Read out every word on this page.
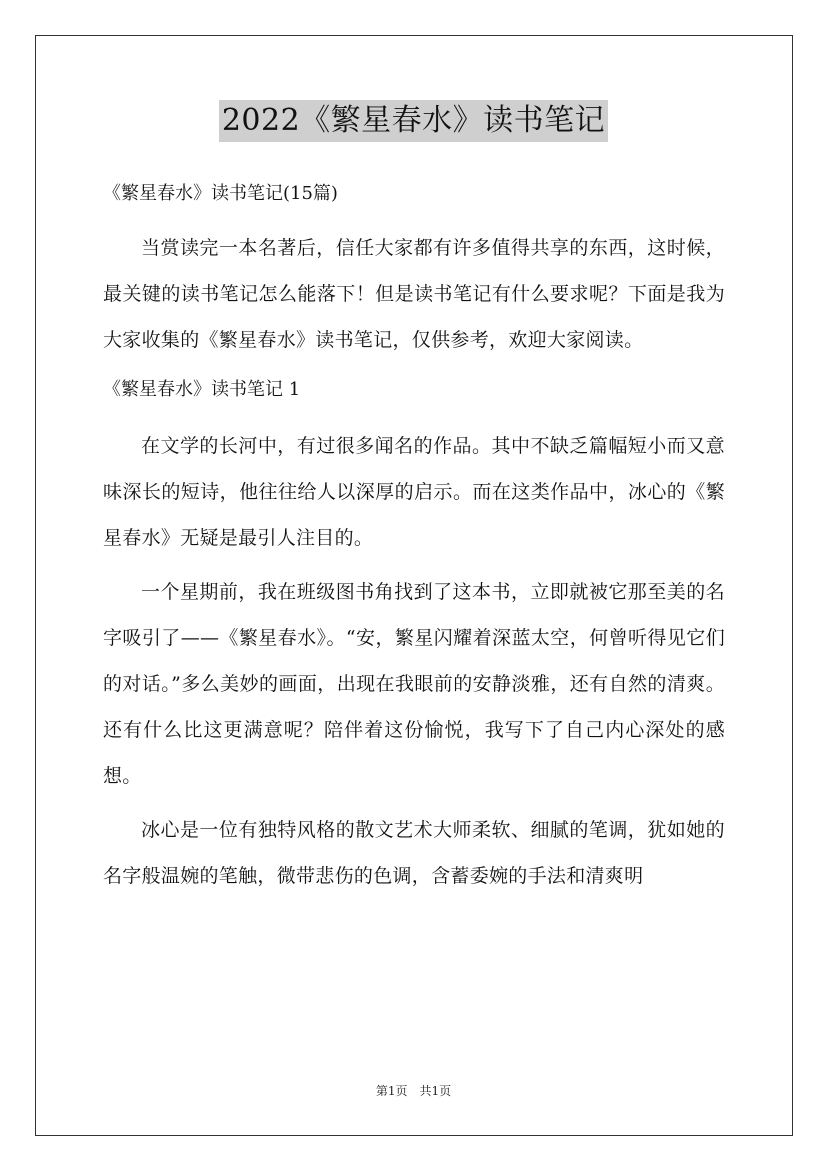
2022《繁星春水》读书笔记

《繁星春水》读书笔记(15篇)

当赏读完一本名著后，信任大家都有许多值得共享的东西，这时候，最关键的读书笔记怎么能落下！但是读书笔记有什么要求呢？下面是我为大家收集的《繁星春水》读书笔记，仅供参考，欢迎大家阅读。

《繁星春水》读书笔记 1

在文学的长河中，有过很多闻名的作品。其中不缺乏篇幅短小而又意味深长的短诗，他往往给人以深厚的启示。而在这类作品中，冰心的《繁星春水》无疑是最引人注目的。

一个星期前，我在班级图书角找到了这本书，立即就被它那至美的名字吸引了——《繁星春水》。“安，繁星闪耀着深蓝太空，何曾听得见它们的对话。”多么美妙的画面，出现在我眼前的安静淡雅，还有自然的清爽。还有什么比这更满意呢？陪伴着这份愉悦，我写下了自己内心深处的感想。

冰心是一位有独特风格的散文艺术大师柔软、细腻的笔调，犹如她的名字般温婉的笔触，微带悲伤的色调，含蓄委婉的手法和清爽明

第1页 共1页
